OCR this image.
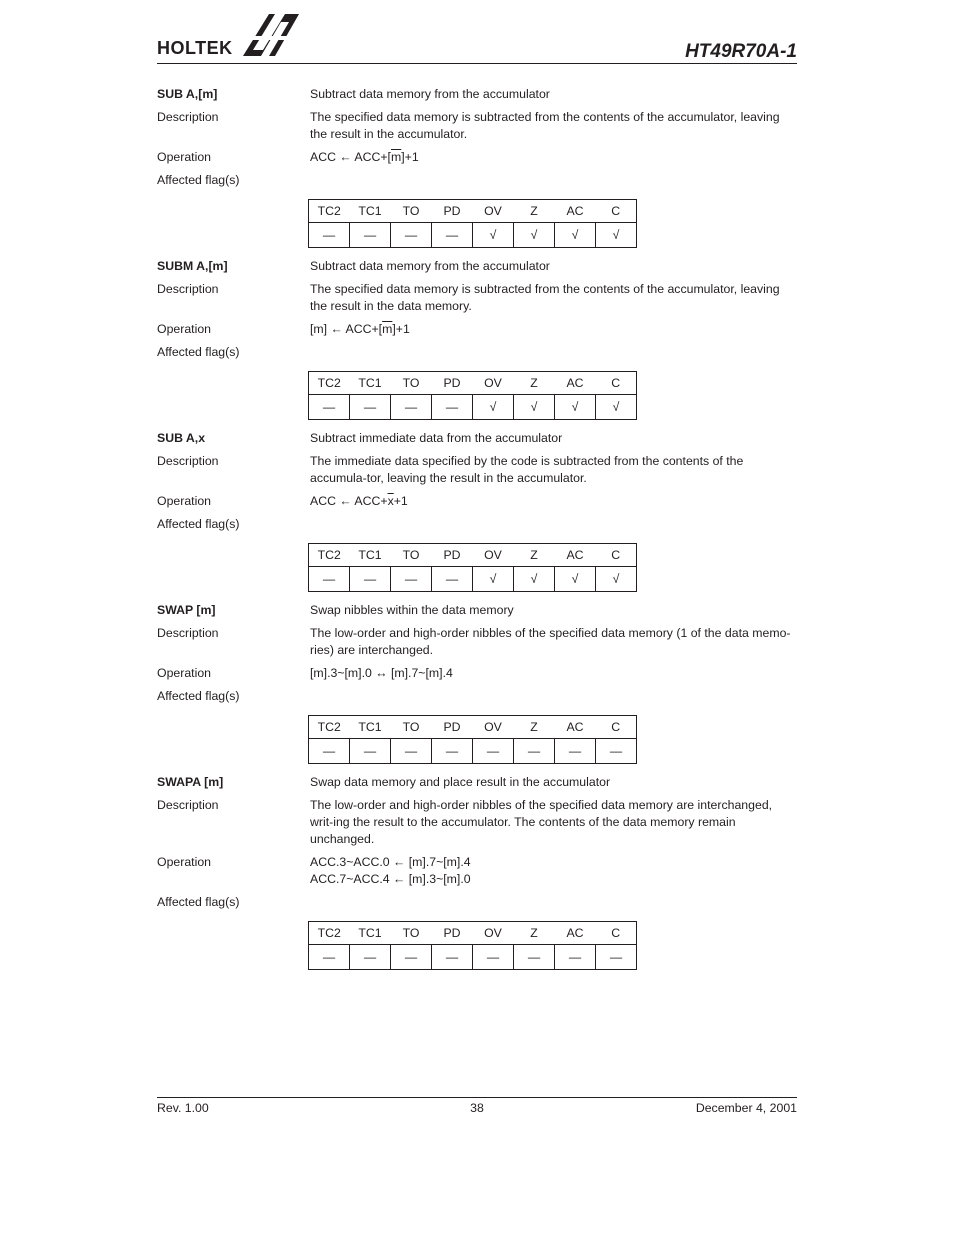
HOLTEK	HT49R70A-1
SUB A,[m]	Subtract data memory from the accumulator
Description	The specified data memory is subtracted from the contents of the accumulator, leaving the result in the accumulator.
Operation	ACC ← $ACC+[\overline{m}]+1$
Affected flag(s)

TC2	TC1	TO	PD	OV	Z	AC	C
—	—	—	—	√	√	√	√
SUBM A,[m]	Subtract data memory from the accumulator
Description	The specified data memory is subtracted from the contents of the accumulator, leaving the result in the data memory.
Operation	[m] ← $ACC+[\overline{m}]+1$
Affected flag(s)

TC2	TC1	TO	PD	OV	Z	AC	C
—	—	—	—	√	√	√	√
SUB A,x	Subtract immediate data from the accumulator
Description	The immediate data specified by the code is subtracted from the contents of the accumula-tor, leaving the result in the accumulator.
Operation	ACC ← $ACC+\overline{x}+1$
Affected flag(s)

TC2	TC1	TO	PD	OV	Z	AC	C
—	—	—	—	√	√	√	√
SWAP [m]	Swap nibbles within the data memory
Description	The low-order and high-order nibbles of the specified data memory (1 of the data memo-ries) are interchanged.
Operation	[m].3~[m].0 ↔ [m].7~[m].4
Affected flag(s)

TC2	TC1	TO	PD	OV	Z	AC	C
—	—	—	—	—	—	—	—
SWAPA [m]	Swap data memory and place result in the accumulator
Description	The low-order and high-order nibbles of the specified data memory are interchanged, writ-ing the result to the accumulator. The contents of the data memory remain unchanged.
Operation	ACC.3~ACC.0 ← [m].7~[m].4
ACC.7~ACC.4 ← [m].3~[m].0
Affected flag(s)

TC2	TC1	TO	PD	OV	Z	AC	C
—	—	—	—	—	—	—	—
Rev. 1.00	38	December 4, 2001
